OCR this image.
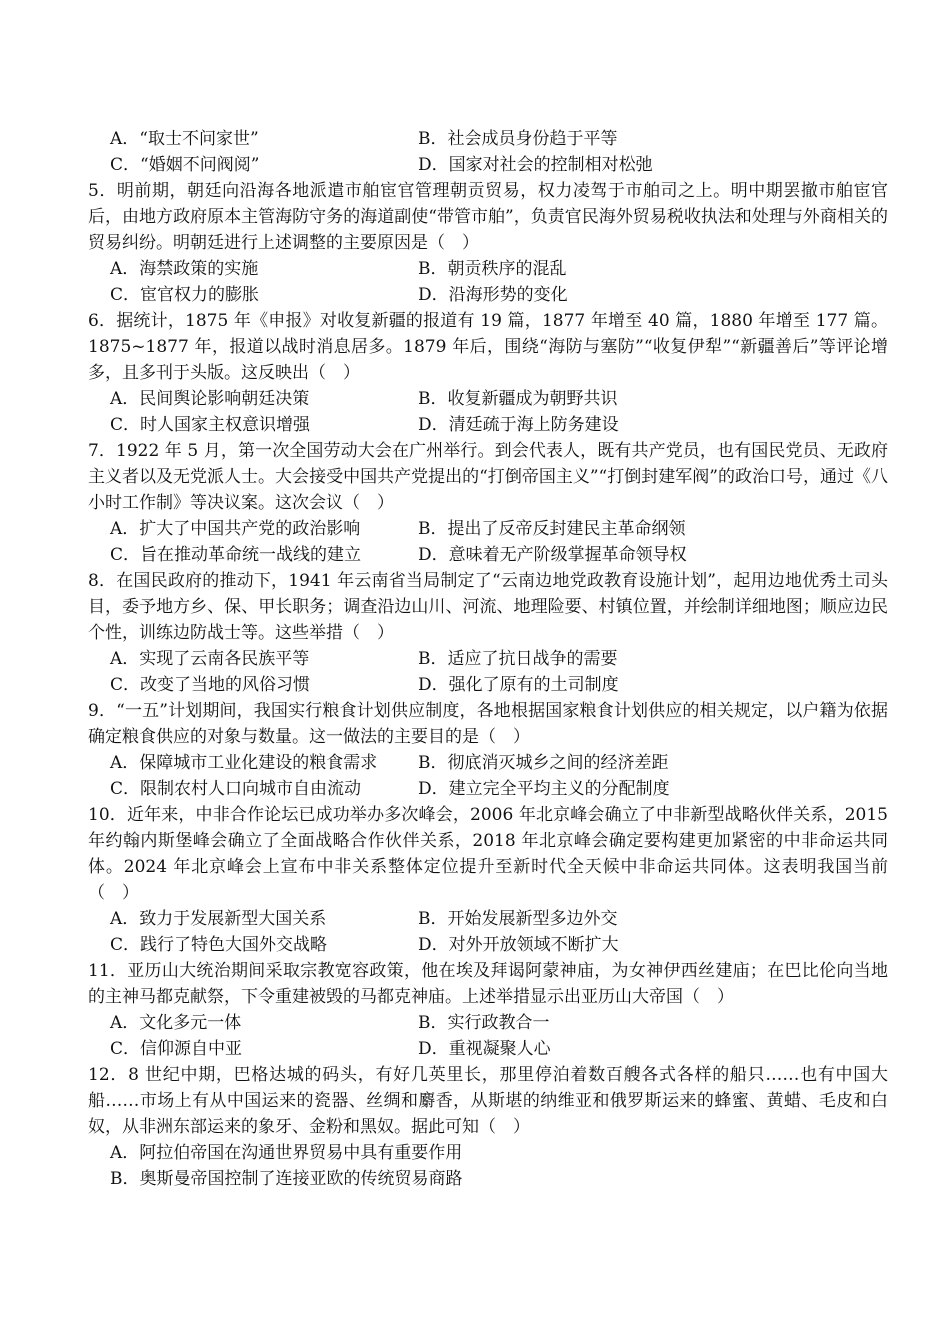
A．“取士不问家世”	B．社会成员身份趋于平等
C．“婚姻不问阀阅”	D．国家对社会的控制相对松弛

5．明前期，朝廷向沿海各地派遣市舶宦官管理朝贡贸易，权力凌驾于市舶司之上。明中期罢撤市舶宦官后，由地方政府原本主管海防守务的海道副使“带管市舶”，负责官民海外贸易税收执法和处理与外商相关的贸易纠纷。明朝廷进行上述调整的主要原因是（　）

A．海禁政策的实施	B．朝贡秩序的混乱
C．宦官权力的膨胀	D．沿海形势的变化

6．据统计，1875 年《申报》对收复新疆的报道有 19 篇，1877 年增至 40 篇，1880 年增至 177 篇。1875~1877 年，报道以战时消息居多。1879 年后，围绕“海防与塞防”“收复伊犁”“新疆善后”等评论增多，且多刊于头版。这反映出（　）

A．民间舆论影响朝廷决策	B．收复新疆成为朝野共识
C．时人国家主权意识增强	D．清廷疏于海上防务建设

7．1922 年 5 月，第一次全国劳动大会在广州举行。到会代表人，既有共产党员，也有国民党员、无政府主义者以及无党派人士。大会接受中国共产党提出的“打倒帝国主义”“打倒封建军阀”的政治口号，通过《八小时工作制》等决议案。这次会议（　）

A．扩大了中国共产党的政治影响	B．提出了反帝反封建民主革命纲领
C．旨在推动革命统一战线的建立	D．意味着无产阶级掌握革命领导权

8．在国民政府的推动下，1941 年云南省当局制定了“云南边地党政教育设施计划”，起用边地优秀土司头目，委予地方乡、保、甲长职务；调查沿边山川、河流、地理险要、村镇位置，并绘制详细地图；顺应边民个性，训练边防战士等。这些举措（　）

A．实现了云南各民族平等	B．适应了抗日战争的需要
C．改变了当地的风俗习惯	D．强化了原有的土司制度

9．“一五”计划期间，我国实行粮食计划供应制度，各地根据国家粮食计划供应的相关规定，以户籍为依据确定粮食供应的对象与数量。这一做法的主要目的是（　）

A．保障城市工业化建设的粮食需求	B．彻底消灭城乡之间的经济差距
C．限制农村人口向城市自由流动	D．建立完全平均主义的分配制度

10．近年来，中非合作论坛已成功举办多次峰会，2006 年北京峰会确立了中非新型战略伙伴关系，2015 年约翰内斯堡峰会确立了全面战略合作伙伴关系，2018 年北京峰会确定要构建更加紧密的中非命运共同体。2024 年北京峰会上宣布中非关系整体定位提升至新时代全天候中非命运共同体。这表明我国当前（　）

A．致力于发展新型大国关系	B．开始发展新型多边外交
C．践行了特色大国外交战略	D．对外开放领域不断扩大

11．亚历山大统治期间采取宗教宽容政策，他在埃及拜谒阿蒙神庙，为女神伊西丝建庙；在巴比伦向当地的主神马都克献祭，下令重建被毁的马都克神庙。上述举措显示出亚历山大帝国（　）

A．文化多元一体	B．实行政教合一
C．信仰源自中亚	D．重视凝聚人心

12．8 世纪中期，巴格达城的码头，有好几英里长，那里停泊着数百艘各式各样的船只……也有中国大船……市场上有从中国运来的瓷器、丝绸和麝香，从斯堪的纳维亚和俄罗斯运来的蜂蜜、黄蜡、毛皮和白奴，从非洲东部运来的象牙、金粉和黑奴。据此可知（　）

A．阿拉伯帝国在沟通世界贸易中具有重要作用
B．奥斯曼帝国控制了连接亚欧的传统贸易商路
